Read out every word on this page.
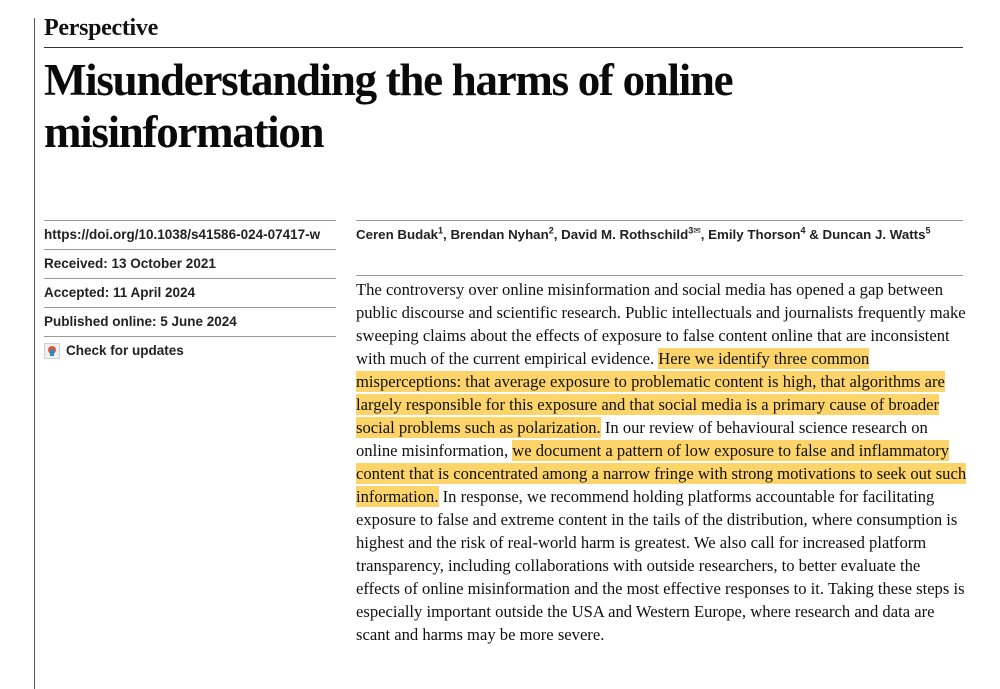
Perspective
Misunderstanding the harms of online misinformation
https://doi.org/10.1038/s41586-024-07417-w
Received: 13 October 2021
Accepted: 11 April 2024
Published online: 5 June 2024
Check for updates
Ceren Budak$^1$, Brendan Nyhan$^2$, David M. Rothschild$^{3✉}$, Emily Thorson$^4$ & Duncan J. Watts$^5$

The controversy over online misinformation and social media has opened a gap between public discourse and scientific research. Public intellectuals and journalists frequently make sweeping claims about the effects of exposure to false content online that are inconsistent with much of the current empirical evidence. Here we identify three common misperceptions: that average exposure to problematic content is high, that algorithms are largely responsible for this exposure and that social media is a primary cause of broader social problems such as polarization. In our review of behavioural science research on online misinformation, we document a pattern of low exposure to false and inflammatory content that is concentrated among a narrow fringe with strong motivations to seek out such information. In response, we recommend holding platforms accountable for facilitating exposure to false and extreme content in the tails of the distribution, where consumption is highest and the risk of real-world harm is greatest. We also call for increased platform transparency, including collaborations with outside researchers, to better evaluate the effects of online misinformation and the most effective responses to it. Taking these steps is especially important outside the USA and Western Europe, where research and data are scant and harms may be more severe.
